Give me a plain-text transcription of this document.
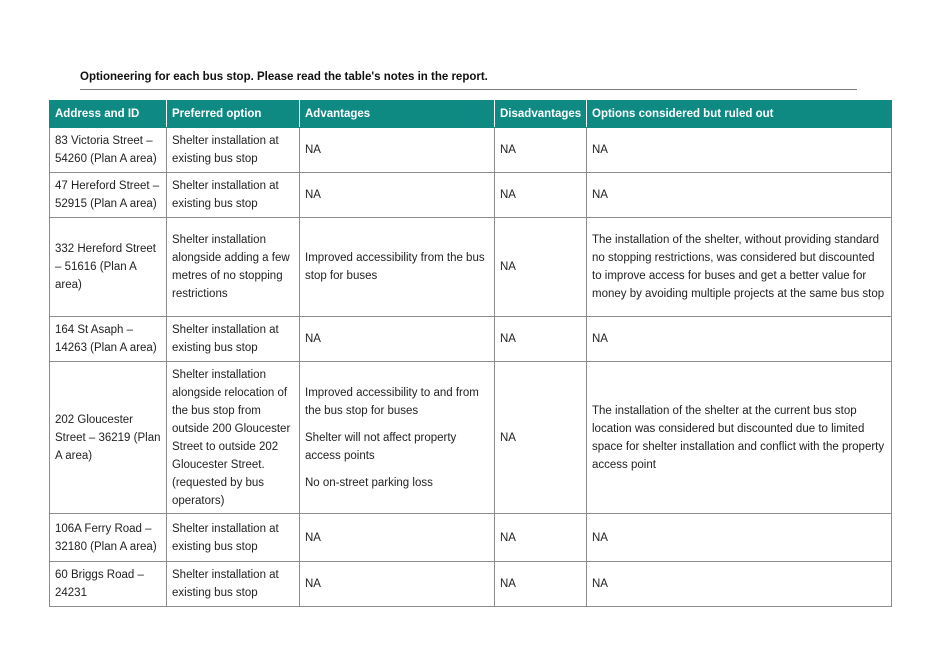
Optioneering for each bus stop. Please read the table's notes in the report.
Address and ID	Preferred option	Advantages	Disadvantages	Options considered but ruled out
83 Victoria Street – 54260 (Plan A area)	Shelter installation at existing bus stop	NA	NA	NA
47 Hereford Street – 52915 (Plan A area)	Shelter installation at existing bus stop	NA	NA	NA
332 Hereford Street – 51616 (Plan A area)	Shelter installation alongside adding a few metres of no stopping restrictions	Improved accessibility from the bus stop for buses	NA	The installation of the shelter, without providing standard no stopping restrictions, was considered but discounted to improve access for buses and get a better value for money by avoiding multiple projects at the same bus stop
164 St Asaph – 14263 (Plan A area)	Shelter installation at existing bus stop	NA	NA	NA
202 Gloucester Street – 36219 (Plan A area)	Shelter installation alongside relocation of the bus stop from outside 200 Gloucester Street to outside 202 Gloucester Street. (requested by bus operators)	Improved accessibility to and from the bus stop for buses
Shelter will not affect property access points
No on-street parking loss	NA	The installation of the shelter at the current bus stop location was considered but discounted due to limited space for shelter installation and conflict with the property access point
106A Ferry Road – 32180 (Plan A area)	Shelter installation at existing bus stop	NA	NA	NA
60 Briggs Road – 24231	Shelter installation at existing bus stop	NA	NA	NA
